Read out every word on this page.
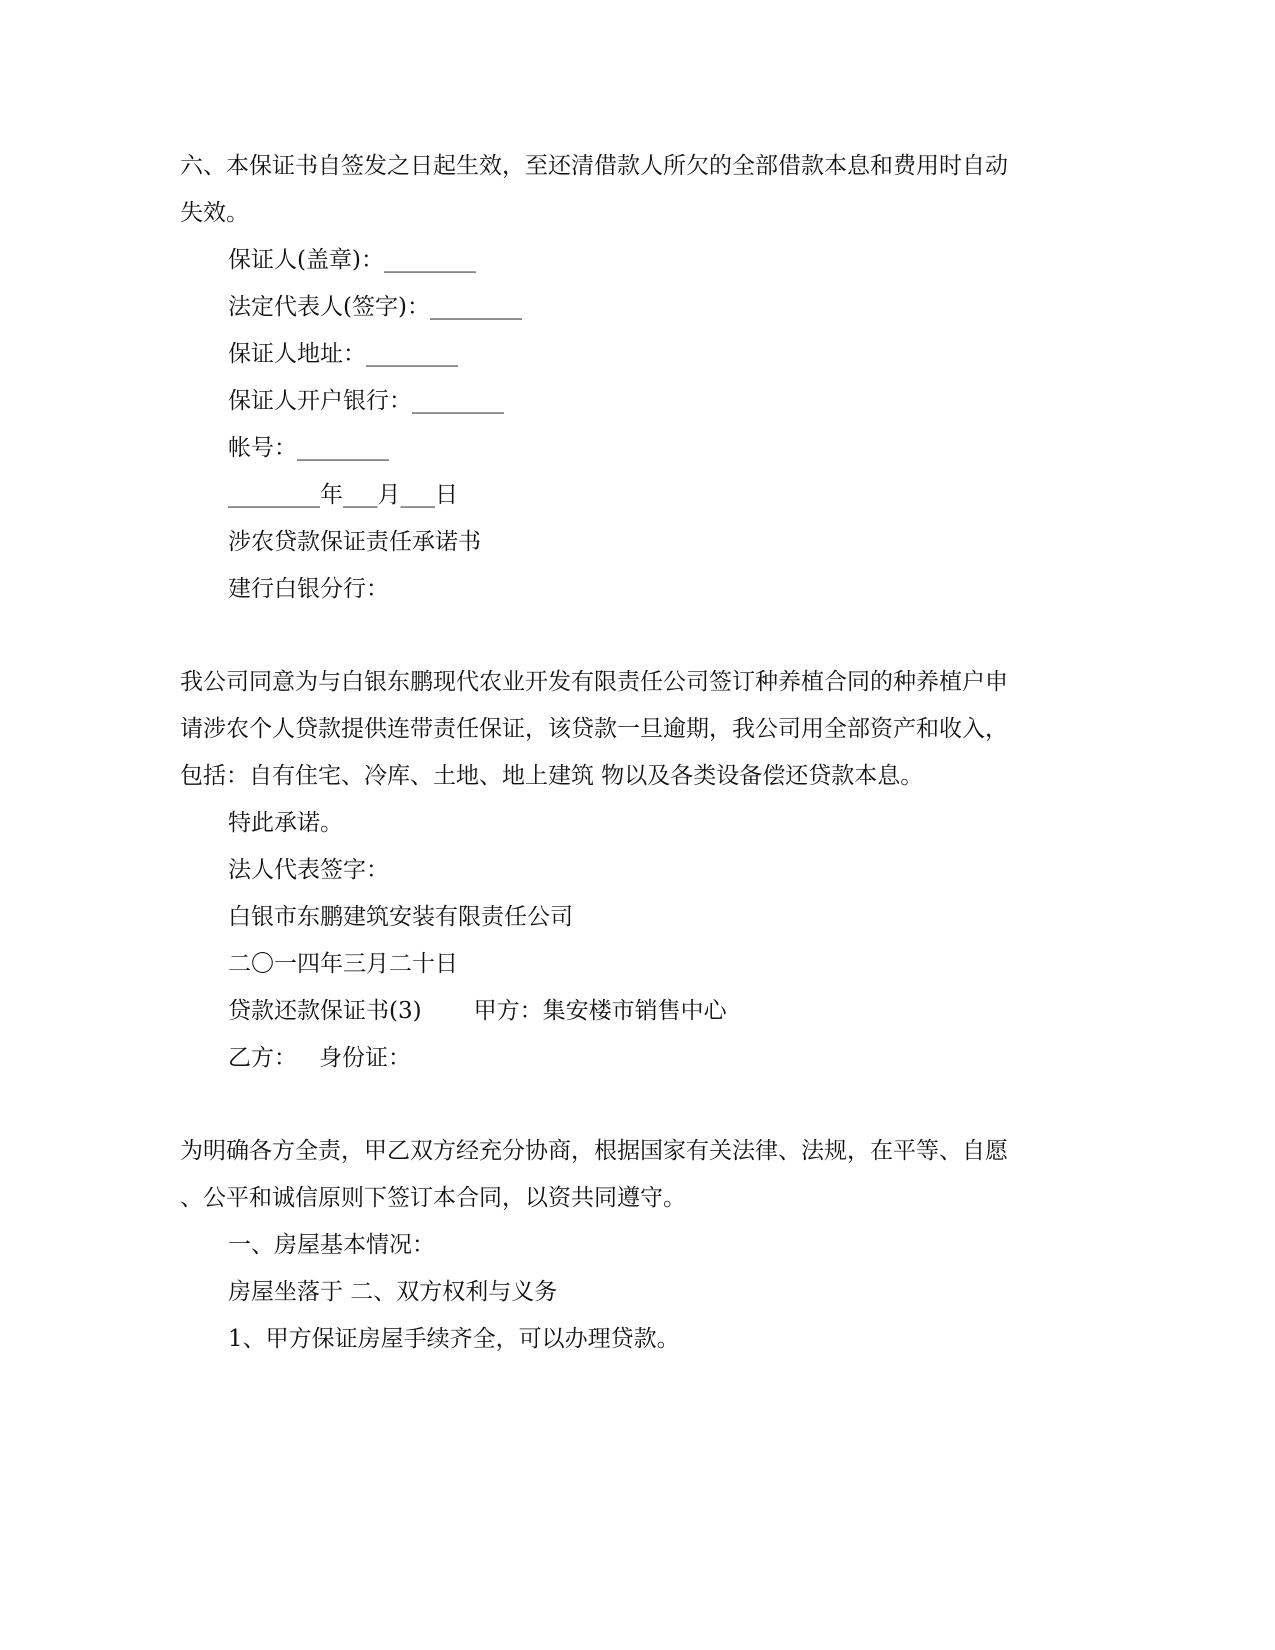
六、本保证书自签发之日起生效，至还清借款人所欠的全部借款本息和费用时自动

失效。

保证人(盖章)：________

法定代表人(签字)：________

保证人地址：________

保证人开户银行：________

帐号：________

________年___月___日

涉农贷款保证责任承诺书

建行白银分行：

我公司同意为与白银东鹏现代农业开发有限责任公司签订种养植合同的种养植户申

请涉农个人贷款提供连带责任保证，该贷款一旦逾期，我公司用全部资产和收入，

包括：自有住宅、冷库、土地、地上建筑 物以及各类设备偿还贷款本息。

特此承诺。

法人代表签字：

白银市东鹏建筑安装有限责任公司

二〇一四年三月二十日

贷款还款保证书(3) 甲方：集安楼市销售中心

乙方： 身份证：

为明确各方全责，甲乙双方经充分协商，根据国家有关法律、法规，在平等、自愿

、公平和诚信原则下签订本合同，以资共同遵守。

一、房屋基本情况：

房屋坐落于 二、双方权利与义务

1、甲方保证房屋手续齐全，可以办理贷款。
